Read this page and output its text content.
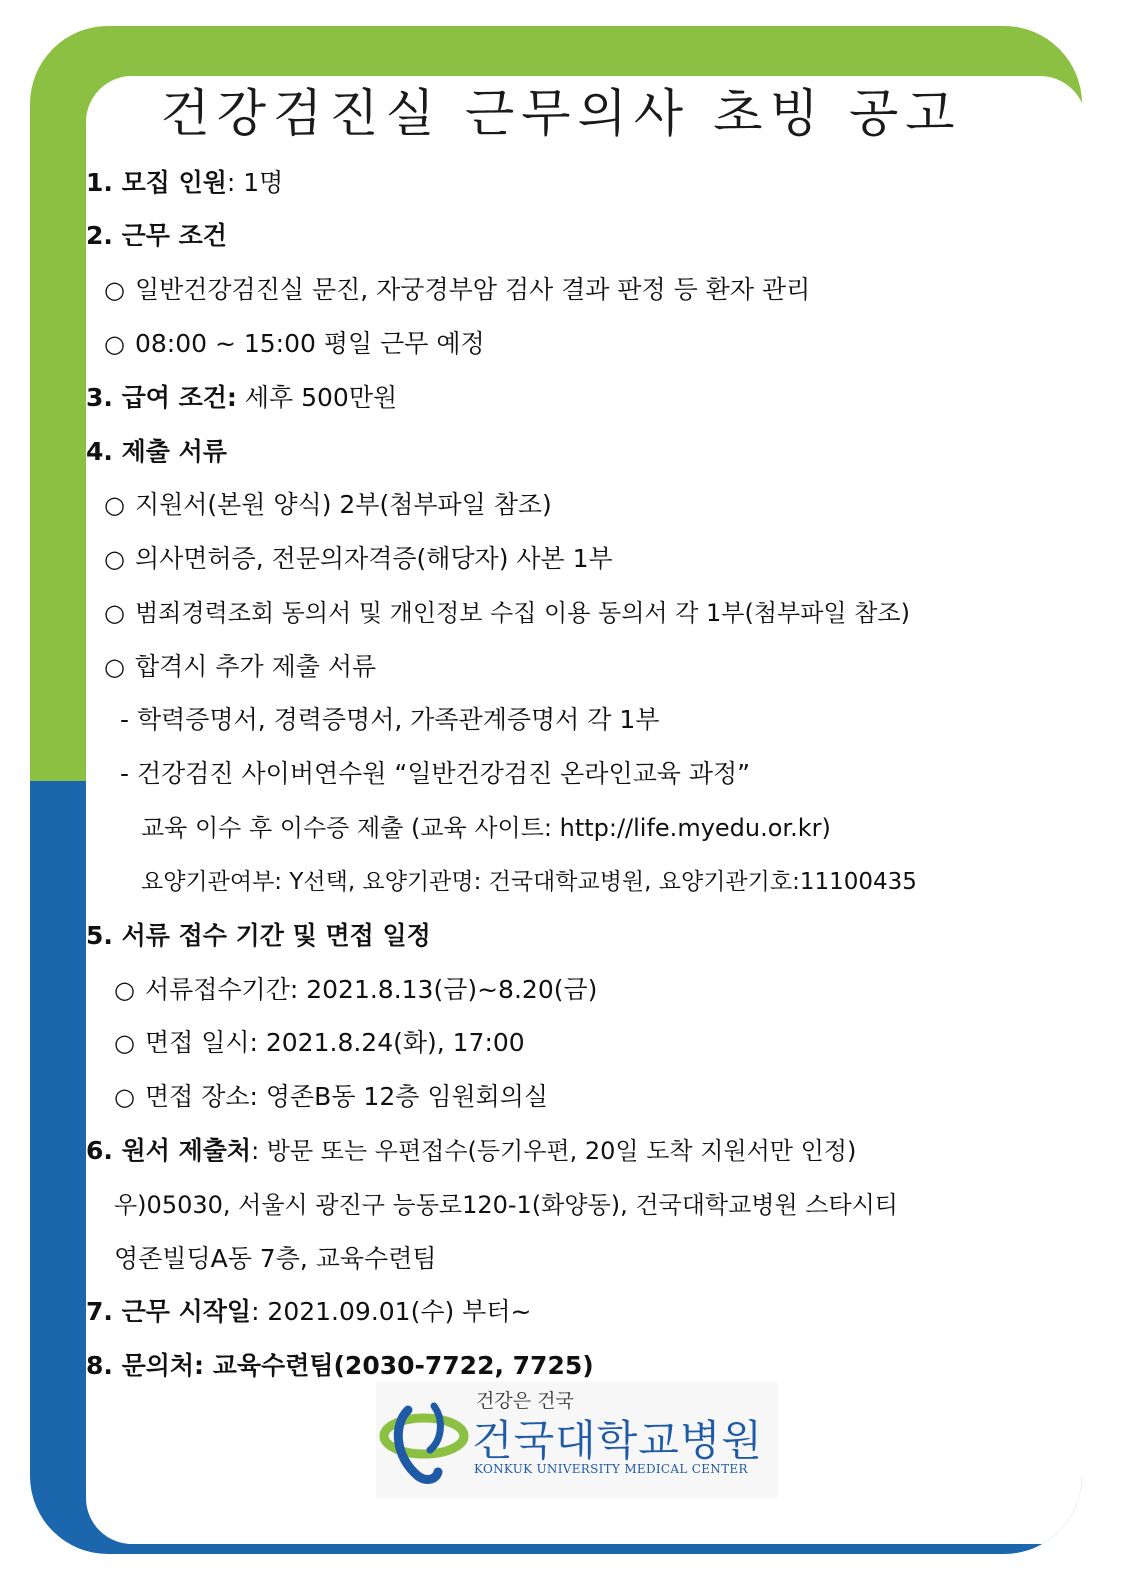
건강검진실 근무의사 초빙 공고
1. 모집 인원: 1명
2. 근무 조건
○ 일반건강검진실 문진, 자궁경부암 검사 결과 판정 등 환자 관리
○ 08:00 ~ 15:00 평일 근무 예정
3. 급여 조건: 세후 500만원
4. 제출 서류
○ 지원서(본원 양식) 2부(첨부파일 참조)
○ 의사면허증, 전문의자격증(해당자) 사본 1부
○ 범죄경력조회 동의서 및 개인정보 수집 이용 동의서 각 1부(첨부파일 참조)
○ 합격시 추가 제출 서류
- 학력증명서, 경력증명서, 가족관계증명서 각 1부
- 건강검진 사이버연수원 “일반건강검진 온라인교육 과정”
교육 이수 후 이수증 제출 (교육 사이트: http://life.myedu.or.kr)
요양기관여부: Y선택, 요양기관명: 건국대학교병원, 요양기관기호:11100435
5. 서류 접수 기간 및 면접 일정
○ 서류접수기간: 2021.8.13(금)~8.20(금)
○ 면접 일시: 2021.8.24(화), 17:00
○ 면접 장소: 영존B동 12층 임원회의실
6. 원서 제출처: 방문 또는 우편접수(등기우편, 20일 도착 지원서만 인정)
우)05030, 서울시 광진구 능동로120-1(화양동), 건국대학교병원 스타시티
영존빌딩A동 7층, 교육수련팀
7. 근무 시작일: 2021.09.01(수) 부터~
8. 문의처: 교육수련팀(2030-7722, 7725)
건강은 건국
건국대학교병원
KONKUK UNIVERSITY MEDICAL CENTER
